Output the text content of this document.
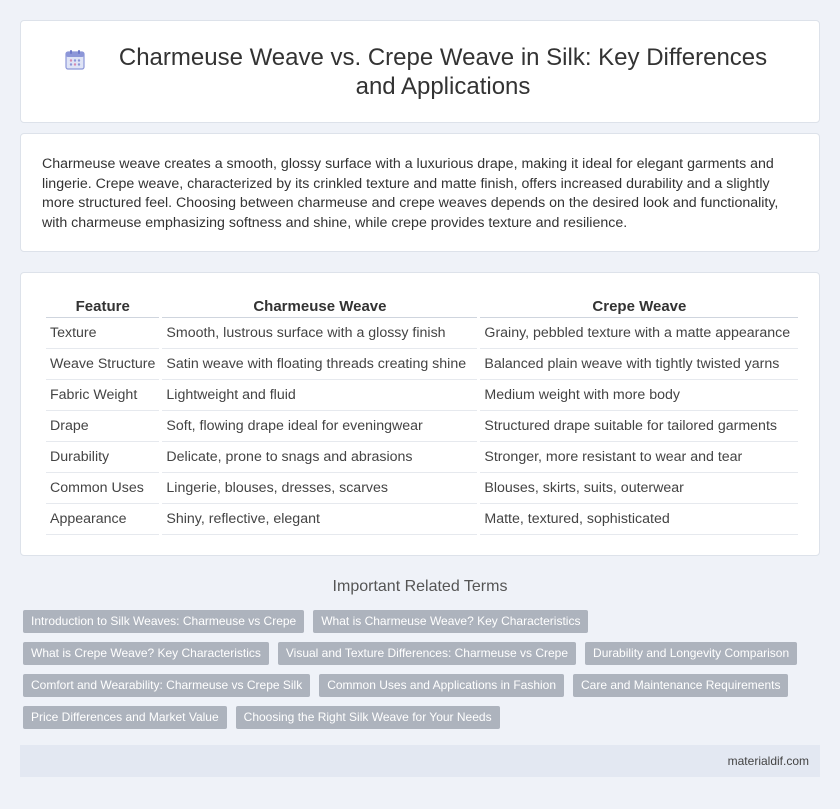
Charmeuse Weave vs. Crepe Weave in Silk: Key Differences and Applications

Charmeuse weave creates a smooth, glossy surface with a luxurious drape, making it ideal for elegant garments and lingerie. Crepe weave, characterized by its crinkled texture and matte finish, offers increased durability and a slightly more structured feel. Choosing between charmeuse and crepe weaves depends on the desired look and functionality, with charmeuse emphasizing softness and shine, while crepe provides texture and resilience.

Feature	Charmeuse Weave	Crepe Weave
Texture	Smooth, lustrous surface with a glossy finish	Grainy, pebbled texture with a matte appearance
Weave Structure	Satin weave with floating threads creating shine	Balanced plain weave with tightly twisted yarns
Fabric Weight	Lightweight and fluid	Medium weight with more body
Drape	Soft, flowing drape ideal for eveningwear	Structured drape suitable for tailored garments
Durability	Delicate, prone to snags and abrasions	Stronger, more resistant to wear and tear
Common Uses	Lingerie, blouses, dresses, scarves	Blouses, skirts, suits, outerwear
Appearance	Shiny, reflective, elegant	Matte, textured, sophisticated
Important Related Terms
Introduction to Silk Weaves: Charmeuse vs Crepe	What is Charmeuse Weave? Key Characteristics
What is Crepe Weave? Key Characteristics	Visual and Texture Differences: Charmeuse vs Crepe	Durability and Longevity Comparison
Comfort and Wearability: Charmeuse vs Crepe Silk	Common Uses and Applications in Fashion	Care and Maintenance Requirements
Price Differences and Market Value	Choosing the Right Silk Weave for Your Needs
materialdif.com
